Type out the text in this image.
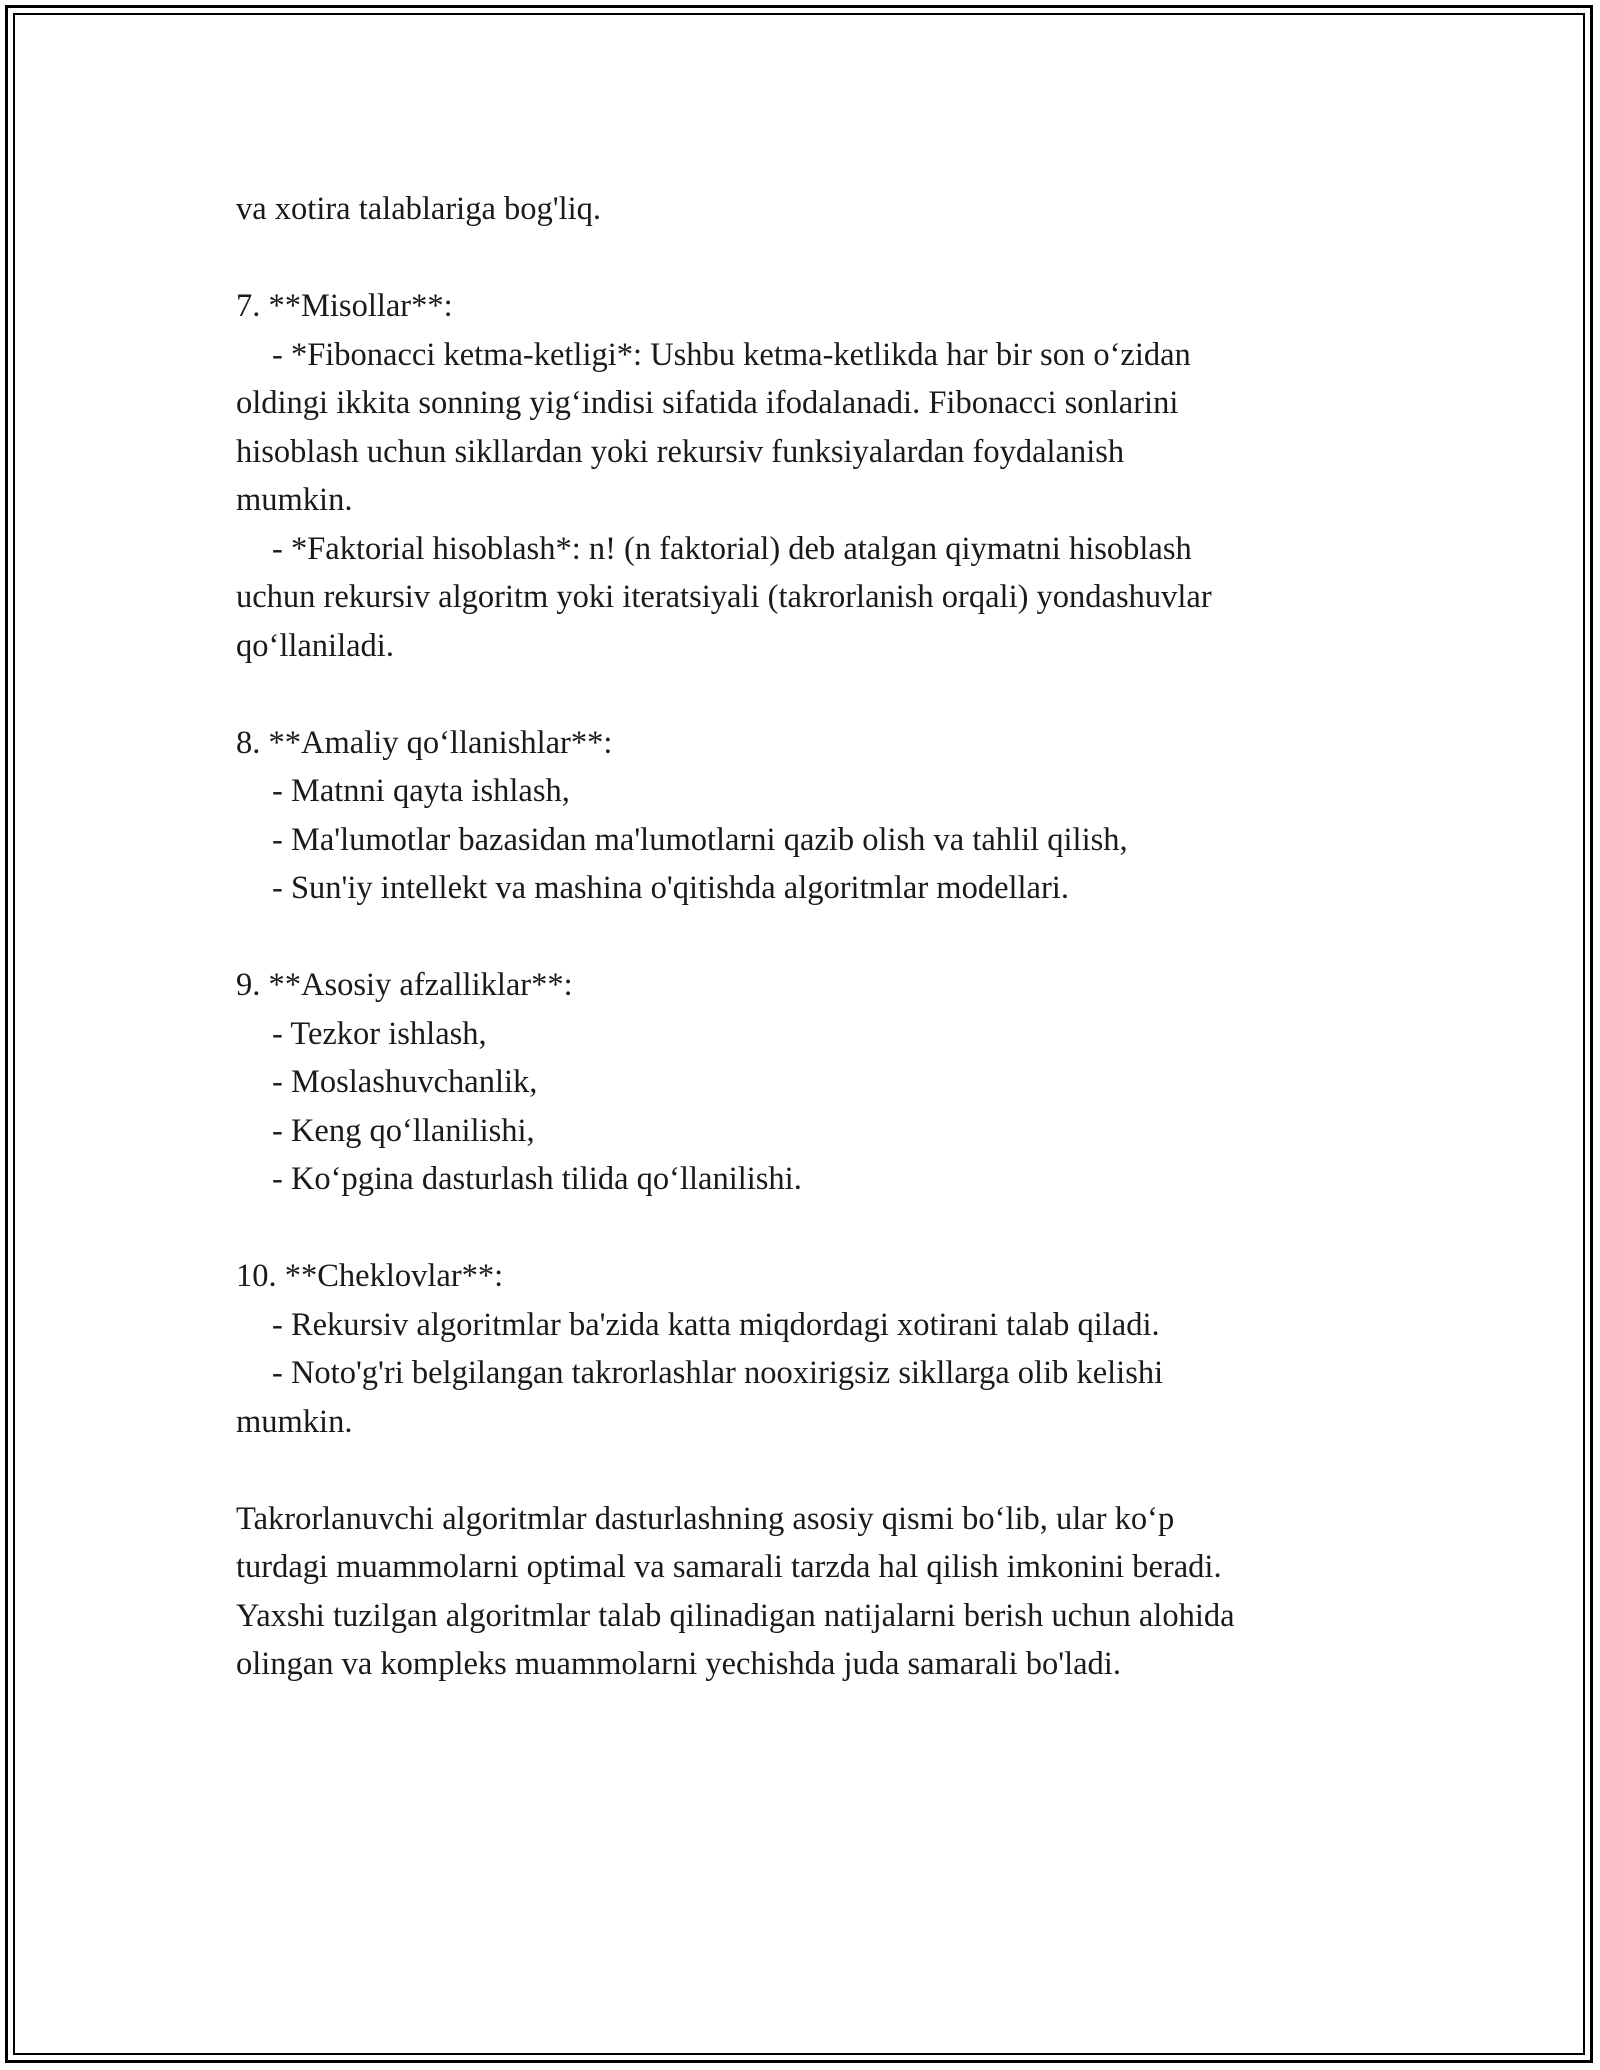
va xotira talablariga bog'liq.
7. **Misollar**:
- *Fibonacci ketma-ketligi*: Ushbu ketma-ketlikda har bir son o‘zidan
oldingi ikkita sonning yig‘indisi sifatida ifodalanadi. Fibonacci sonlarini
hisoblash uchun sikllardan yoki rekursiv funksiyalardan foydalanish
mumkin.
- *Faktorial hisoblash*: n! (n faktorial) deb atalgan qiymatni hisoblash
uchun rekursiv algoritm yoki iteratsiyali (takrorlanish orqali) yondashuvlar
qo‘llaniladi.
8. **Amaliy qo‘llanishlar**:
- Matnni qayta ishlash,
- Ma'lumotlar bazasidan ma'lumotlarni qazib olish va tahlil qilish,
- Sun'iy intellekt va mashina o'qitishda algoritmlar modellari.
9. **Asosiy afzalliklar**:
- Tezkor ishlash,
- Moslashuvchanlik,
- Keng qo‘llanilishi,
- Ko‘pgina dasturlash tilida qo‘llanilishi.
10. **Cheklovlar**:
- Rekursiv algoritmlar ba'zida katta miqdordagi xotirani talab qiladi.
- Noto'g'ri belgilangan takrorlashlar nooxirigsiz sikllarga olib kelishi
mumkin.
Takrorlanuvchi algoritmlar dasturlashning asosiy qismi bo‘lib, ular ko‘p
turdagi muammolarni optimal va samarali tarzda hal qilish imkonini beradi.
Yaxshi tuzilgan algoritmlar talab qilinadigan natijalarni berish uchun alohida
olingan va kompleks muammolarni yechishda juda samarali bo'ladi.
